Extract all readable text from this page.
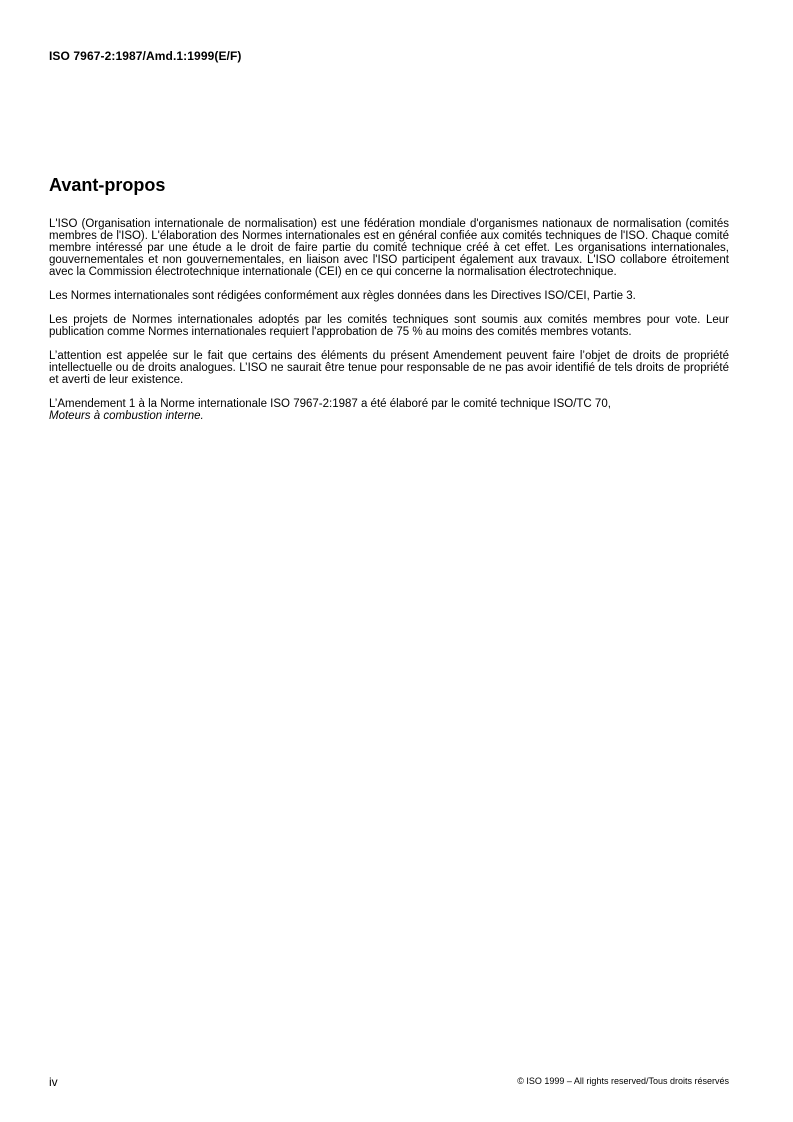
ISO 7967-2:1987/Amd.1:1999(E/F)
Avant-propos

L'ISO (Organisation internationale de normalisation) est une fédération mondiale d'organismes nationaux de normalisation (comités membres de l'ISO). L'élaboration des Normes internationales est en général confiée aux comités techniques de l'ISO. Chaque comité membre intéressé par une étude a le droit de faire partie du comité technique créé à cet effet. Les organisations internationales, gouvernementales et non gouvernementales, en liaison avec l'ISO participent également aux travaux. L'ISO collabore étroitement avec la Commission électrotechnique internationale (CEI) en ce qui concerne la normalisation électrotechnique.

Les Normes internationales sont rédigées conformément aux règles données dans les Directives ISO/CEI, Partie 3.

Les projets de Normes internationales adoptés par les comités techniques sont soumis aux comités membres pour vote. Leur publication comme Normes internationales requiert l'approbation de 75 % au moins des comités membres votants.

L’attention est appelée sur le fait que certains des éléments du présent Amendement peuvent faire l’objet de droits de propriété intellectuelle ou de droits analogues. L’ISO ne saurait être tenue pour responsable de ne pas avoir identifié de tels droits de propriété et averti de leur existence.

L’Amendement 1 à la Norme internationale ISO 7967-2:1987 a été élaboré par le comité technique ISO/TC 70,
Moteurs à combustion interne.

iv	© ISO 1999 – All rights reserved/Tous droits réservés
